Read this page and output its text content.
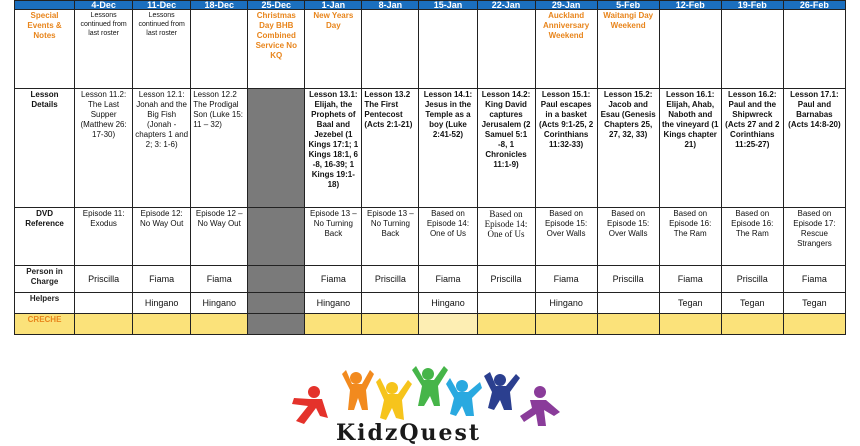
	4-Dec	11-Dec	18-Dec	25-Dec	1-Jan	8-Jan	15-Jan	22-Jan	29-Jan	5-Feb	12-Feb	19-Feb	26-Feb
Special Events & Notes	Lessons continued from last roster	Lessons continued from last roster		Christmas Day BHB Combined Service No KQ	New Years Day				Auckland Anniversary Weekend	Waitangi Day Weekend			
Lesson Details	Lesson 11.2: The Last Supper (Matthew 26: 17-30)	Lesson 12.1: Jonah and the Big Fish (Jonah - chapters 1 and 2; 3: 1-6)	Lesson 12.2 The Prodigal Son (Luke 15: 11 – 32)		Lesson 13.1: Elijah, the Prophets of Baal and Jezebel (1 Kings 17:1; 1 Kings 18:1, 6 -8, 16-39; 1 Kings 19:1-18)	Lesson 13.2 The First Pentecost (Acts 2:1-21)	Lesson 14.1: Jesus in the Temple as a boy (Luke 2:41-52)	Lesson 14.2: King David captures Jerusalem (2 Samuel 5:1 -8, 1 Chronicles 11:1-9)	Lesson 15.1: Paul escapes in a basket (Acts 9:1-25, 2 Corinthians 11:32-33)	Lesson 15.2: Jacob and Esau (Genesis Chapters 25, 27, 32, 33)	Lesson 16.1: Elijah, Ahab, Naboth and the vineyard (1 Kings chapter 21)	Lesson 16.2: Paul and the Shipwreck (Acts 27 and 2 Corinthians 11:25-27)	Lesson 17.1: Paul and Barnabas (Acts 14:8-20)
DVD Reference	Episode 11: Exodus	Episode 12: No Way Out	Episode 12 – No Way Out		Episode 13 – No Turning Back	Episode 13 – No Turning Back	Based on Episode 14: One of Us	Based on Episode 14: One of Us	Based on Episode 15: Over Walls	Based on Episode 15: Over Walls	Based on Episode 16: The Ram	Based on Episode 16: The Ram	Based on Episode 17: Rescue Strangers
Person in Charge	Priscilla	Fiama	Fiama		Fiama	Priscilla	Fiama	Priscilla	Fiama	Priscilla	Fiama	Priscilla	Fiama
Helpers		Hingano	Hingano		Hingano		Hingano		Hingano		Tegan	Tegan	Tegan
CRECHE													
KidzQuest
